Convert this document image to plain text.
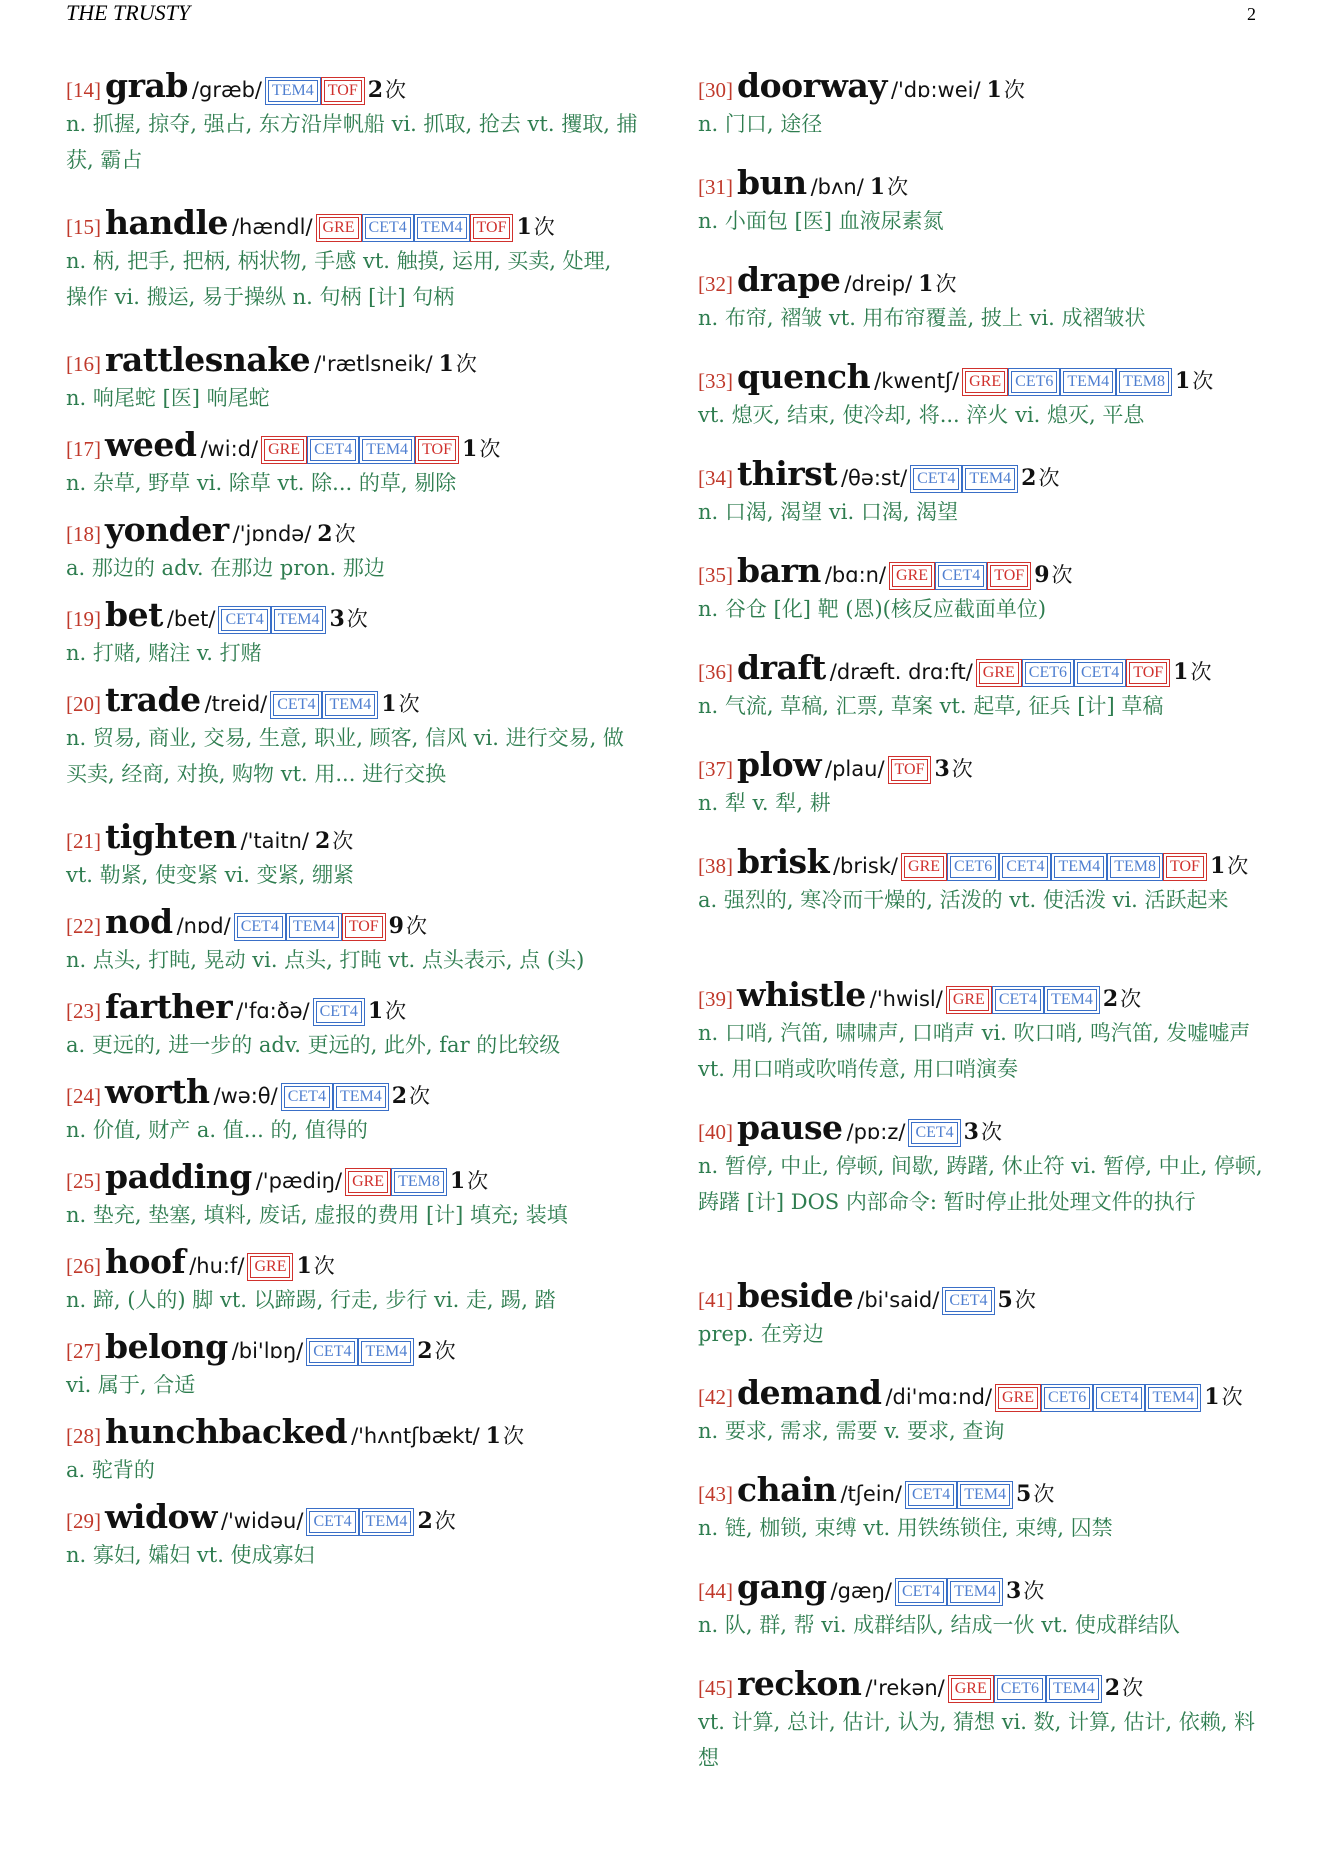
THE TRUSTY	2
[14] grab /græb/ TEM4 TOF 2次
n. 抓握, 掠夺, 强占, 东方沿岸帆船 vi. 抓取, 抢去 vt. 攫取, 捕获, 霸占
[15] handle /hændl/ GRE CET4 TEM4 TOF 1次
n. 柄, 把手, 把柄, 柄状物, 手感 vt. 触摸, 运用, 买卖, 处理, 操作 vi. 搬运, 易于操纵 n. 句柄 [计] 句柄
[16] rattlesnake /'rætlsneik/ 1次
n. 响尾蛇 [医] 响尾蛇
[17] weed /wi:d/ GRE CET4 TEM4 TOF 1次
n. 杂草, 野草 vi. 除草 vt. 除... 的草, 剔除
[18] yonder /'jɒndə/ 2次
a. 那边的 adv. 在那边 pron. 那边
[19] bet /bet/ CET4 TEM4 3次
n. 打赌, 赌注 v. 打赌
[20] trade /treid/ CET4 TEM4 1次
n. 贸易, 商业, 交易, 生意, 职业, 顾客, 信风 vi. 进行交易, 做买卖, 经商, 对换, 购物 vt. 用... 进行交换
[21] tighten /'taitn/ 2次
vt. 勒紧, 使变紧 vi. 变紧, 绷紧
[22] nod /nɒd/ CET4 TEM4 TOF 9次
n. 点头, 打盹, 晃动 vi. 点头, 打盹 vt. 点头表示, 点 (头)
[23] farther /'fɑ:ðə/ CET4 1次
a. 更远的, 进一步的 adv. 更远的, 此外, far 的比较级
[24] worth /wə:θ/ CET4 TEM4 2次
n. 价值, 财产 a. 值... 的, 值得的
[25] padding /'pædiŋ/ GRE TEM8 1次
n. 垫充, 垫塞, 填料, 废话, 虚报的费用 [计] 填充; 装填
[26] hoof /hu:f/ GRE 1次
n. 蹄, (人的) 脚 vt. 以蹄踢, 行走, 步行 vi. 走, 踢, 踏
[27] belong /bi'lɒŋ/ CET4 TEM4 2次
vi. 属于, 合适
[28] hunchbacked /'hʌntʃbækt/ 1次
a. 驼背的
[29] widow /'widəu/ CET4 TEM4 2次
n. 寡妇, 孀妇 vt. 使成寡妇
[30] doorway /'dɒ:wei/ 1次
n. 门口, 途径
[31] bun /bʌn/ 1次
n. 小面包 [医] 血液尿素氮
[32] drape /dreip/ 1次
n. 布帘, 褶皱 vt. 用布帘覆盖, 披上 vi. 成褶皱状
[33] quench /kwentʃ/ GRE CET6 TEM4 TEM8 1次
vt. 熄灭, 结束, 使冷却, 将... 淬火 vi. 熄灭, 平息
[34] thirst /θə:st/ CET4 TEM4 2次
n. 口渴, 渴望 vi. 口渴, 渴望
[35] barn /bɑ:n/ GRE CET4 TOF 9次
n. 谷仓 [化] 靶 (恩)(核反应截面单位)
[36] draft /dræft. drɑ:ft/ GRE CET6 CET4 TOF 1次
n. 气流, 草稿, 汇票, 草案 vt. 起草, 征兵 [计] 草稿
[37] plow /plau/ TOF 3次
n. 犁 v. 犁, 耕
[38] brisk /brisk/ GRE CET6 CET4 TEM4 TEM8 TOF 1次
a. 强烈的, 寒冷而干燥的, 活泼的 vt. 使活泼 vi. 活跃起来
[39] whistle /'hwisl/ GRE CET4 TEM4 2次
n. 口哨, 汽笛, 啸啸声, 口哨声 vi. 吹口哨, 鸣汽笛, 发嘘嘘声 vt. 用口哨或吹哨传意, 用口哨演奏
[40] pause /pɒ:z/ CET4 3次
n. 暂停, 中止, 停顿, 间歇, 踌躇, 休止符 vi. 暂停, 中止, 停顿, 踌躇 [计] DOS 内部命令: 暂时停止批处理文件的执行
[41] beside /bi'said/ CET4 5次
prep. 在旁边
[42] demand /di'mɑ:nd/ GRE CET6 CET4 TEM4 1次
n. 要求, 需求, 需要 v. 要求, 查询
[43] chain /tʃein/ CET4 TEM4 5次
n. 链, 枷锁, 束缚 vt. 用铁练锁住, 束缚, 囚禁
[44] gang /gæŋ/ CET4 TEM4 3次
n. 队, 群, 帮 vi. 成群结队, 结成一伙 vt. 使成群结队
[45] reckon /'rekən/ GRE CET6 TEM4 2次
vt. 计算, 总计, 估计, 认为, 猜想 vi. 数, 计算, 估计, 依赖, 料想
